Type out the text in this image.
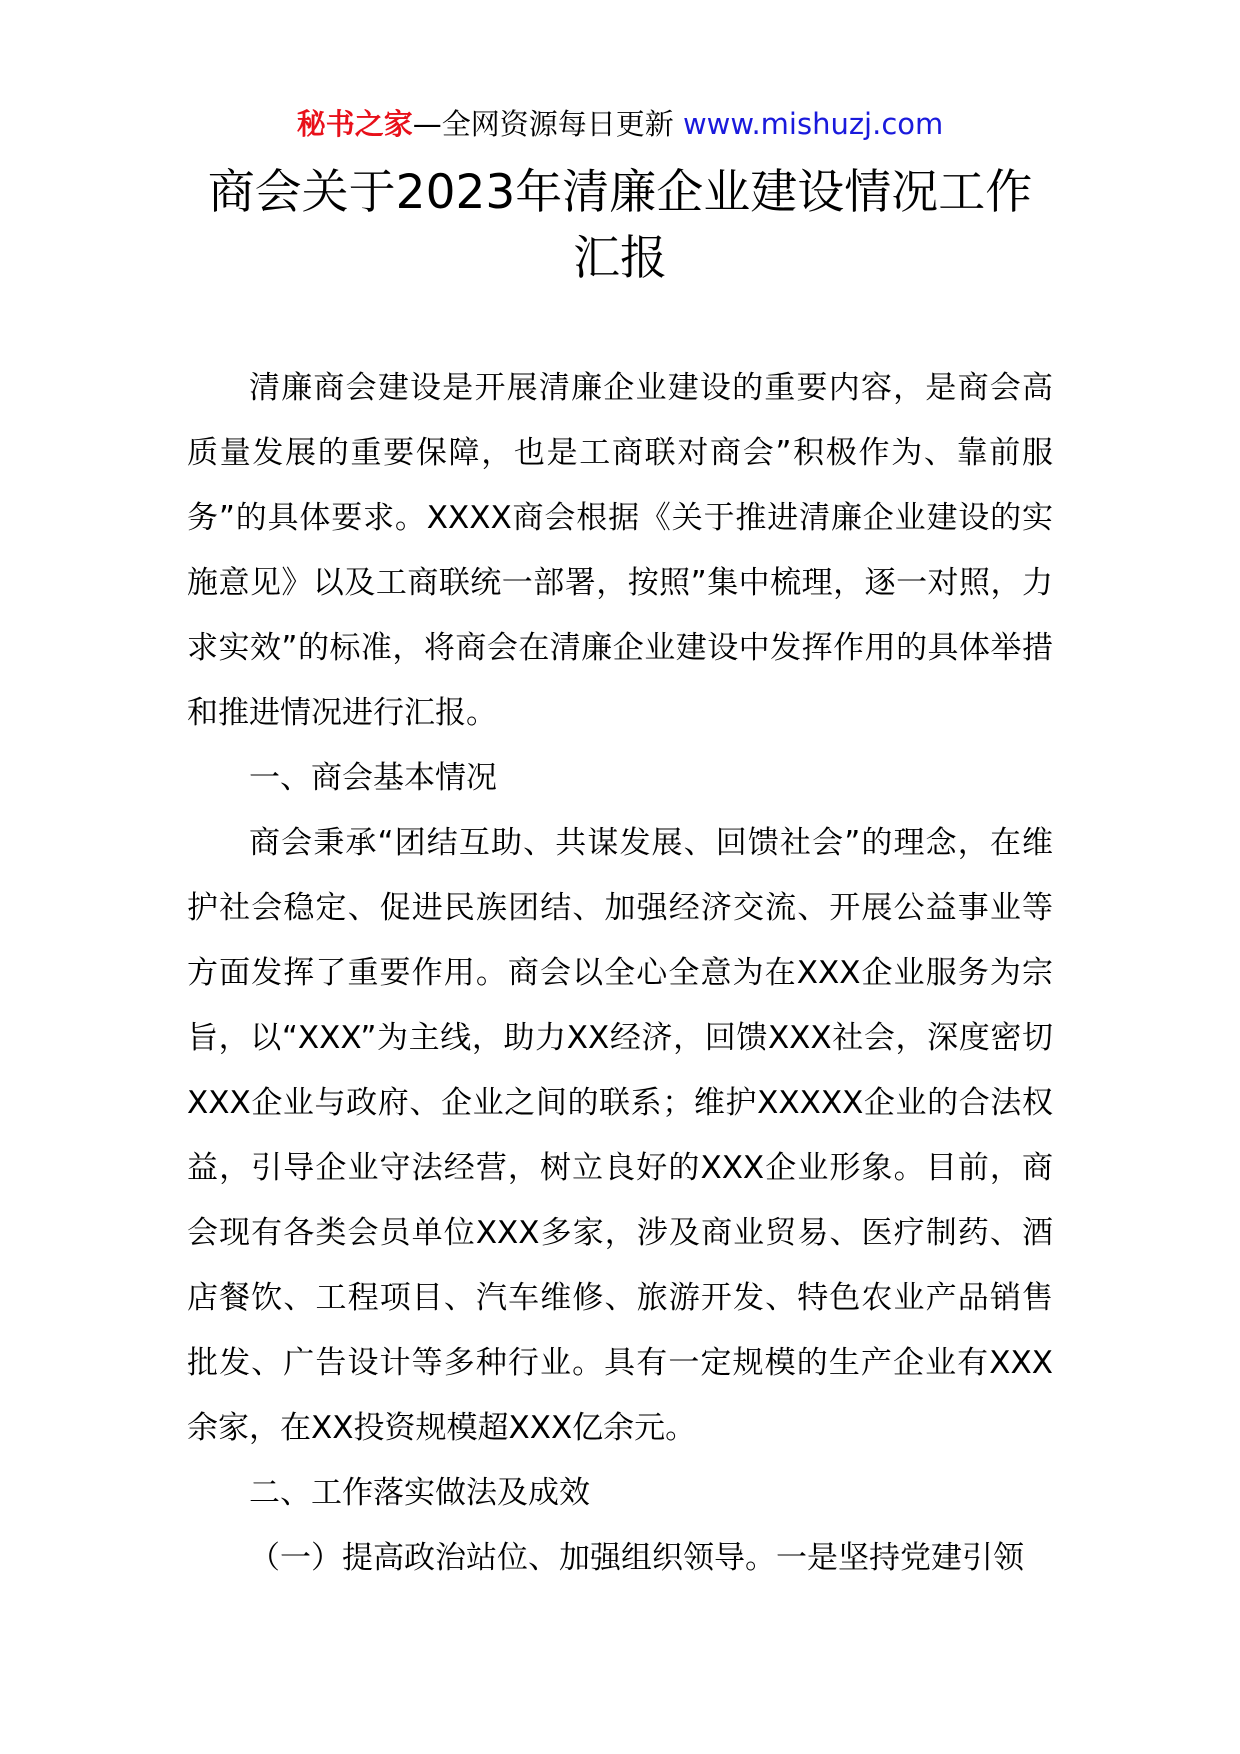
秘书之家—全网资源每日更新 www.mishuzj.com
商会关于2023年清廉企业建设情况工作汇报

清廉商会建设是开展清廉企业建设的重要内容，是商会高质量发展的重要保障，也是工商联对商会”积极作为、靠前服务”的具体要求。XXXX商会根据《关于推进清廉企业建设的实施意见》以及工商联统一部署，按照”集中梳理，逐一对照，力求实效”的标准，将商会在清廉企业建设中发挥作用的具体举措和推进情况进行汇报。

一、商会基本情况

商会秉承“团结互助、共谋发展、回馈社会”的理念，在维护社会稳定、促进民族团结、加强经济交流、开展公益事业等方面发挥了重要作用。商会以全心全意为在XXX企业服务为宗旨，以“XXX”为主线，助力XX经济，回馈XXX社会，深度密切XXX企业与政府、企业之间的联系；维护XXXXX企业的合法权益，引导企业守法经营，树立良好的XXX企业形象。目前，商会现有各类会员单位XXX多家，涉及商业贸易、医疗制药、酒店餐饮、工程项目、汽车维修、旅游开发、特色农业产品销售批发、广告设计等多种行业。具有一定规模的生产企业有XXX余家，在XX投资规模超XXX亿余元。

二、工作落实做法及成效

（一）提高政治站位、加强组织领导。一是坚持党建引领
